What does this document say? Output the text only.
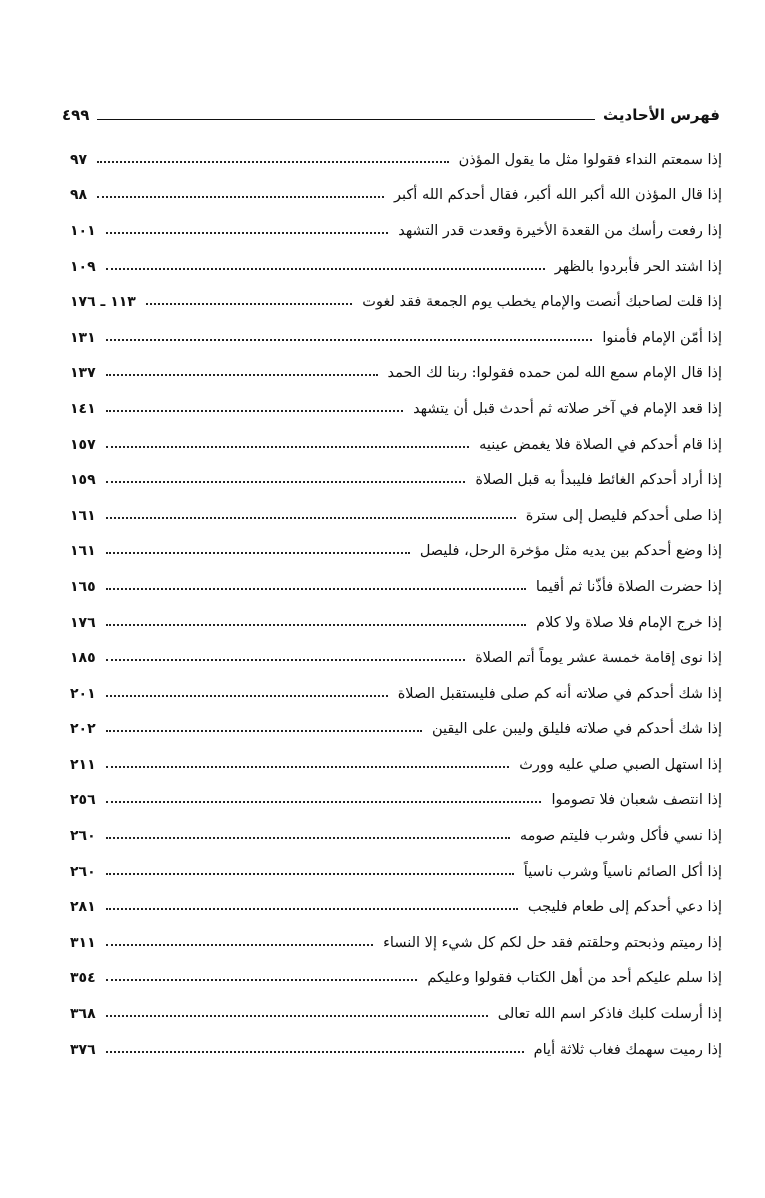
فهرس الأحاديث
٤٩٩
إذا سمعتم النداء فقولوا مثل ما يقول المؤذن
٩٧
إذا قال المؤذن الله أكبر الله أكبر، فقال أحدكم الله أكبر
٩٨
إذا رفعت رأسك من القعدة الأخيرة وقعدت قدر التشهد
١٠١
إذا اشتد الحر فأبردوا بالظهر
١٠٩
إذا قلت لصاحبك أنصت والإمام يخطب يوم الجمعة فقد لغوت
١١٣ ـ ١٧٦
إذا أمّن الإمام فأمنوا
١٣١
إذا قال الإمام سمع الله لمن حمده فقولوا: ربنا لك الحمد
١٣٧
إذا قعد الإمام في آخر صلاته ثم أحدث قبل أن يتشهد
١٤١
إذا قام أحدكم في الصلاة فلا يغمض عينيه
١٥٧
إذا أراد أحدكم الغائط فليبدأ به قبل الصلاة
١٥٩
إذا صلى أحدكم فليصل إلى سترة
١٦١
إذا وضع أحدكم بين يديه مثل مؤخرة الرحل، فليصل
١٦١
إذا حضرت الصلاة فأذّنا ثم أقيما
١٦٥
إذا خرج الإمام فلا صلاة ولا كلام
١٧٦
إذا نوى إقامة خمسة عشر يوماً أتم الصلاة
١٨٥
إذا شك أحدكم في صلاته أنه كم صلى فليستقبل الصلاة
٢٠١
إذا شك أحدكم في صلاته فليلق وليبن على اليقين
٢٠٢
إذا استهل الصبي صلي عليه وورث
٢١١
إذا انتصف شعبان فلا تصوموا
٢٥٦
إذا نسي فأكل وشرب فليتم صومه
٢٦٠
إذا أكل الصائم ناسياً وشرب ناسياً
٢٦٠
إذا دعي أحدكم إلى طعام فليجب
٢٨١
إذا رميتم وذبحتم وحلقتم فقد حل لكم كل شيء إلا النساء
٣١١
إذا سلم عليكم أحد من أهل الكتاب فقولوا وعليكم
٣٥٤
إذا أرسلت كلبك فاذكر اسم الله تعالى
٣٦٨
إذا رميت سهمك فغاب ثلاثة أيام
٣٧٦
